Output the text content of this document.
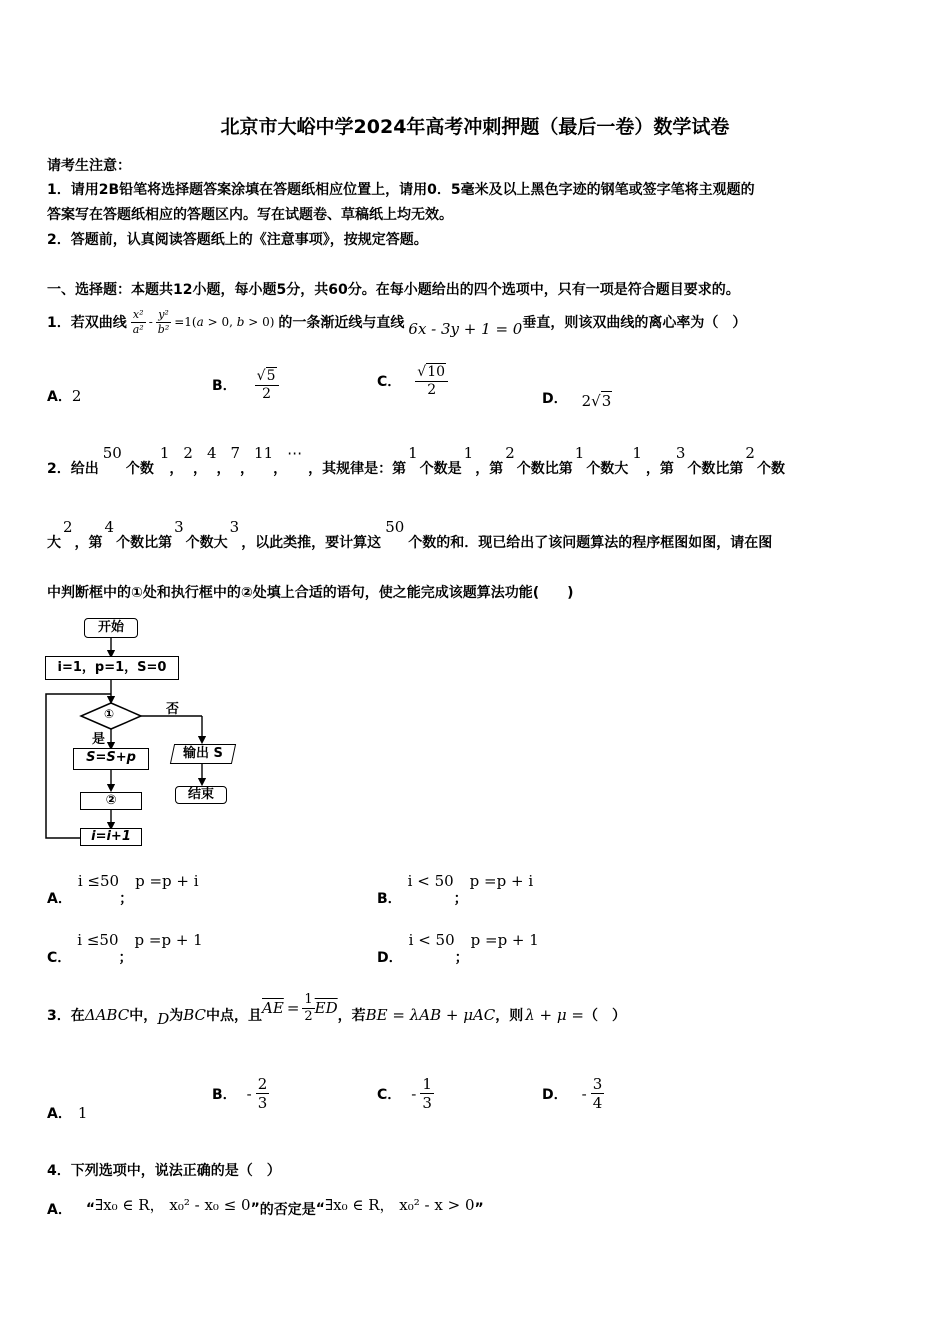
北京市大峪中学2024年高考冲刺押题（最后一卷）数学试卷
请考生注意：
1．请用2B铅笔将选择题答案涂填在答题纸相应位置上，请用0．5毫米及以上黑色字迹的钢笔或签字笔将主观题的
答案写在答题纸相应的答题区内。写在试题卷、草稿纸上均无效。
2．答题前，认真阅读答题纸上的《注意事项》，按规定答题。
一、选择题：本题共12小题，每小题5分，共60分。在每小题给出的四个选项中，只有一项是符合题目要求的。
1．若双曲线 $\frac{\text{x²}}{\text{a²}} - \frac{\text{y²}}{\text{b²}} =1(a > 0$, b > 0) 的一条渐近线与直线 6x - 3y + 1 = 0 垂直，则该双曲线的离心率为（　）
A．2
B． $\frac{√5}{2}$	C． $\frac{√10}{2}$
D． 2√3
2．给出
50
个数
1
，
2
，
4
，
7
，
11
，
⋯
，其规律是：第
1
个数是
1
，第
2
个数比第
1
个数大
1
，第
3
个数比第
2
个数
大
2
，第
4
个数比第
3
个数大
3
，以此类推，要计算这
50
个数的和．现已给出了该问题算法的程序框图如图，请在图
中判断框中的①处和执行框中的②处填上合适的语句，使之能完成该题算法功能(　　)
开始
i=1，p=1，S=0
①	否
是
S=S+p	输出 S
结束
②
i=i+1
A．
i ≤50
；
p =p + i
B．
i < 50
；
p =p + i
C．
i ≤50
；
p =p + 1
D．
i < 50
；
p =p + 1
3．在 ΔABC 中， D 为 BC 中点，且 $\overline{AE} = \frac{1}{2} \overline{ED}$ ，若 BE = λAB + μAC ，则 λ + μ = （　）
A． 1
B． - $\frac{2}{3}$	C． - $\frac{1}{3}$	D． - $\frac{3}{4}$
4．下列选项中，说法正确的是（　）
A． “ ∃x₀ ∈ R， x₀² - x₀ ≤ 0 ” 的否定是 “ ∃x₀ ∈ R， x₀² - x > 0 ”
